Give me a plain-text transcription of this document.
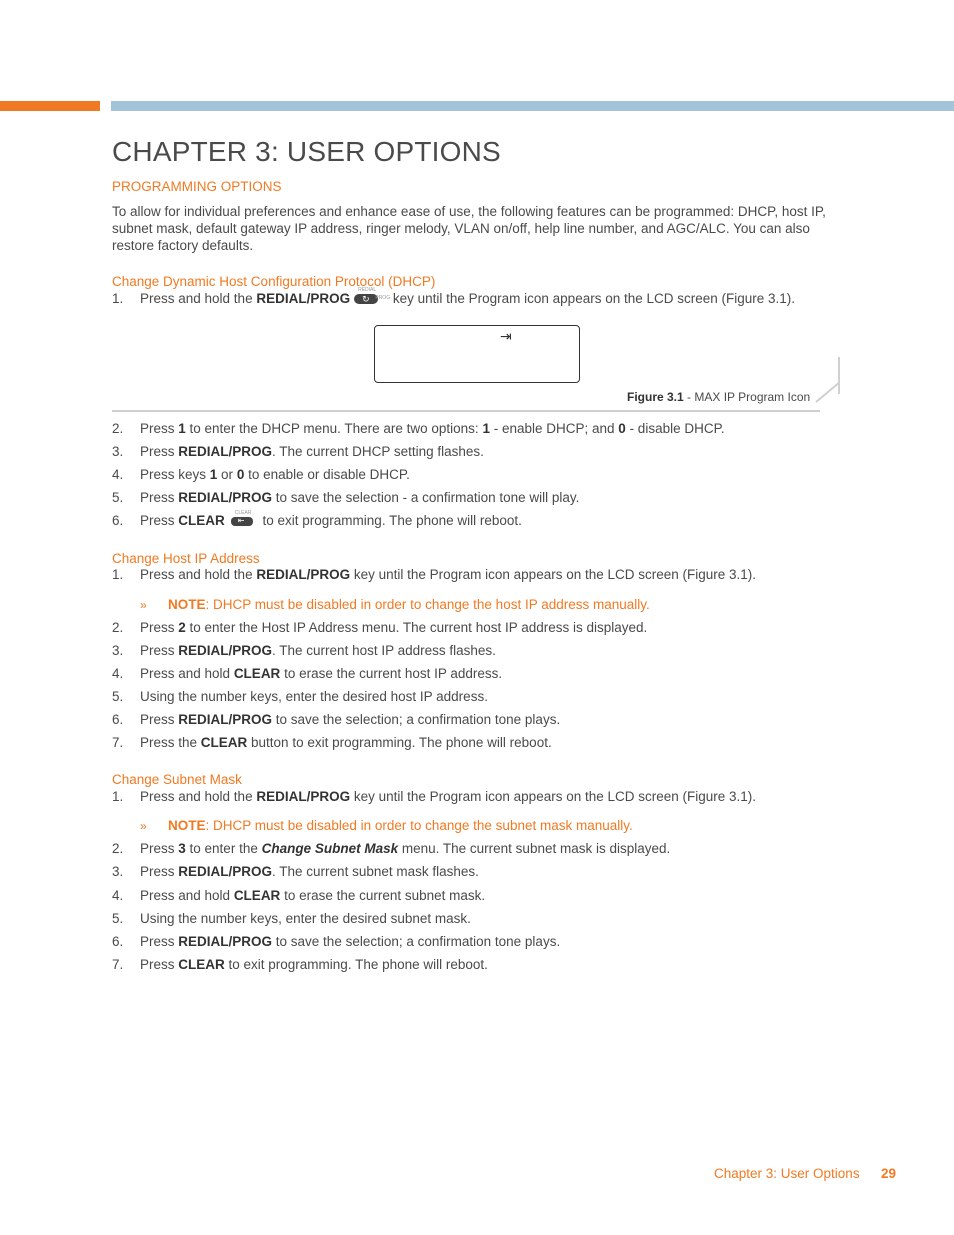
CHAPTER 3: USER OPTIONS
PROGRAMMING OPTIONS
To allow for individual preferences and enhance ease of use, the following features can be programmed: DHCP, host IP, subnet mask, default gateway IP address, ringer melody, VLAN on/off, help line number, and AGC/ALC. You can also restore factory defaults.
Change Dynamic Host Configuration Protocol (DHCP)
1. Press and hold the REDIAL/PROG
REDIAL
↻ PROG key until the Program icon appears on the LCD screen (Figure 3.1).
⇥
Figure 3.1 - MAX IP Program Icon
2. Press 1 to enter the DHCP menu. There are two options: 1 - enable DHCP; and 0 - disable DHCP.
3. Press REDIAL/PROG. The current DHCP setting flashes.
4. Press keys 1 or 0 to enable or disable DHCP.
5. Press REDIAL/PROG to save the selection - a confirmation tone will play.
6. Press CLEAR
CLEAR
⇤ to exit programming. The phone will reboot.
Change Host IP Address
1. Press and hold the REDIAL/PROG key until the Program icon appears on the LCD screen (Figure 3.1).
» NOTE: DHCP must be disabled in order to change the host IP address manually.
2. Press 2 to enter the Host IP Address menu. The current host IP address is displayed.
3. Press REDIAL/PROG. The current host IP address flashes.
4. Press and hold CLEAR to erase the current host IP address.
5. Using the number keys, enter the desired host IP address.
6. Press REDIAL/PROG to save the selection; a confirmation tone plays.
7. Press the CLEAR button to exit programming. The phone will reboot.
Change Subnet Mask
1. Press and hold the REDIAL/PROG key until the Program icon appears on the LCD screen (Figure 3.1).
» NOTE: DHCP must be disabled in order to change the subnet mask manually.
2. Press 3 to enter the Change Subnet Mask menu. The current subnet mask is displayed.
3. Press REDIAL/PROG. The current subnet mask flashes.
4. Press and hold CLEAR to erase the current subnet mask.
5. Using the number keys, enter the desired subnet mask.
6. Press REDIAL/PROG to save the selection; a confirmation tone plays.
7. Press CLEAR to exit programming. The phone will reboot.
Chapter 3: User Options 29
